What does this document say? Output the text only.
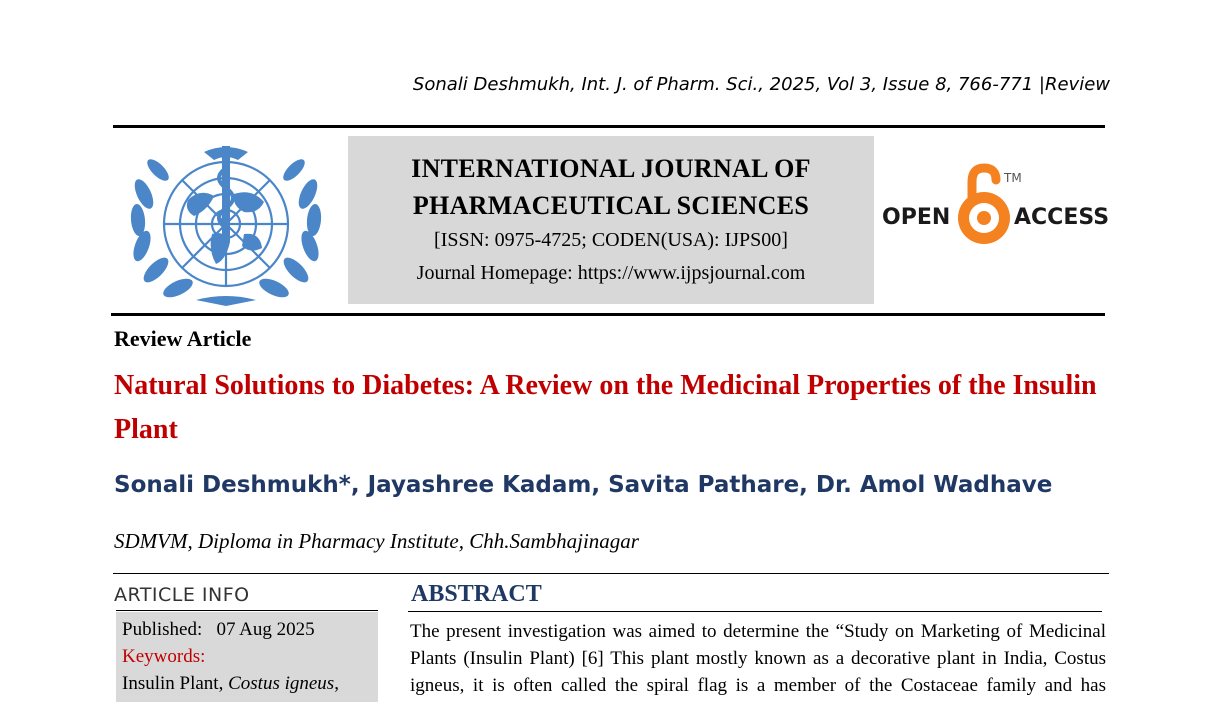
Sonali Deshmukh, Int. J. of Pharm. Sci., 2025, Vol 3, Issue 8, 766-771 |Review
INTERNATIONAL JOURNAL OF
PHARMACEUTICAL SCIENCES
[ISSN: 0975-4725; CODEN(USA): IJPS00]
Journal Homepage: https://www.ijpsjournal.com
OPEN	ACCESS
TM
Review Article
Natural Solutions to Diabetes: A Review on the Medicinal Properties of the Insulin Plant
Sonali Deshmukh*, Jayashree Kadam, Savita Pathare, Dr. Amol Wadhave
SDMVM, Diploma in Pharmacy Institute, Chh.Sambhajinagar
ARTICLE INFO
Published: 07 Aug 2025
Keywords:
Insulin Plant, Costus igneus,
ABSTRACT
The present investigation was aimed to determine the “Study on Marketing of Medicinal
Plants (Insulin Plant) [6] This plant mostly known as a decorative plant in India, Costus
igneus, it is often called the spiral flag is a member of the Costaceae family and has
